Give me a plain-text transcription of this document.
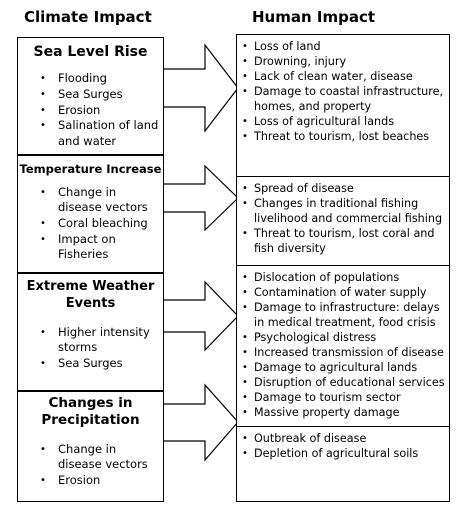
Climate Impact	Human Impact
Sea Level Rise
• Flooding
• Sea Surges
• Erosion
• Salination of land and water
Temperature Increase
• Change in disease vectors
• Coral bleaching
• Impact on Fisheries
Extreme Weather Events
• Higher intensity storms
• Sea Surges
Changes in Precipitation
• Change in disease vectors
• Erosion
• Loss of land
• Drowning, injury
• Lack of clean water, disease
• Damage to coastal infrastructure, homes, and property
• Loss of agricultural lands
• Threat to tourism, lost beaches
• Spread of disease
• Changes in traditional fishing livelihood and commercial fishing
• Threat to tourism, lost coral and fish diversity
• Dislocation of populations
• Contamination of water supply
• Damage to infrastructure: delays in medical treatment, food crisis
• Psychological distress
• Increased transmission of disease
• Damage to agricultural lands
• Disruption of educational services
• Damage to tourism sector
• Massive property damage
• Outbreak of disease
• Depletion of agricultural soils
